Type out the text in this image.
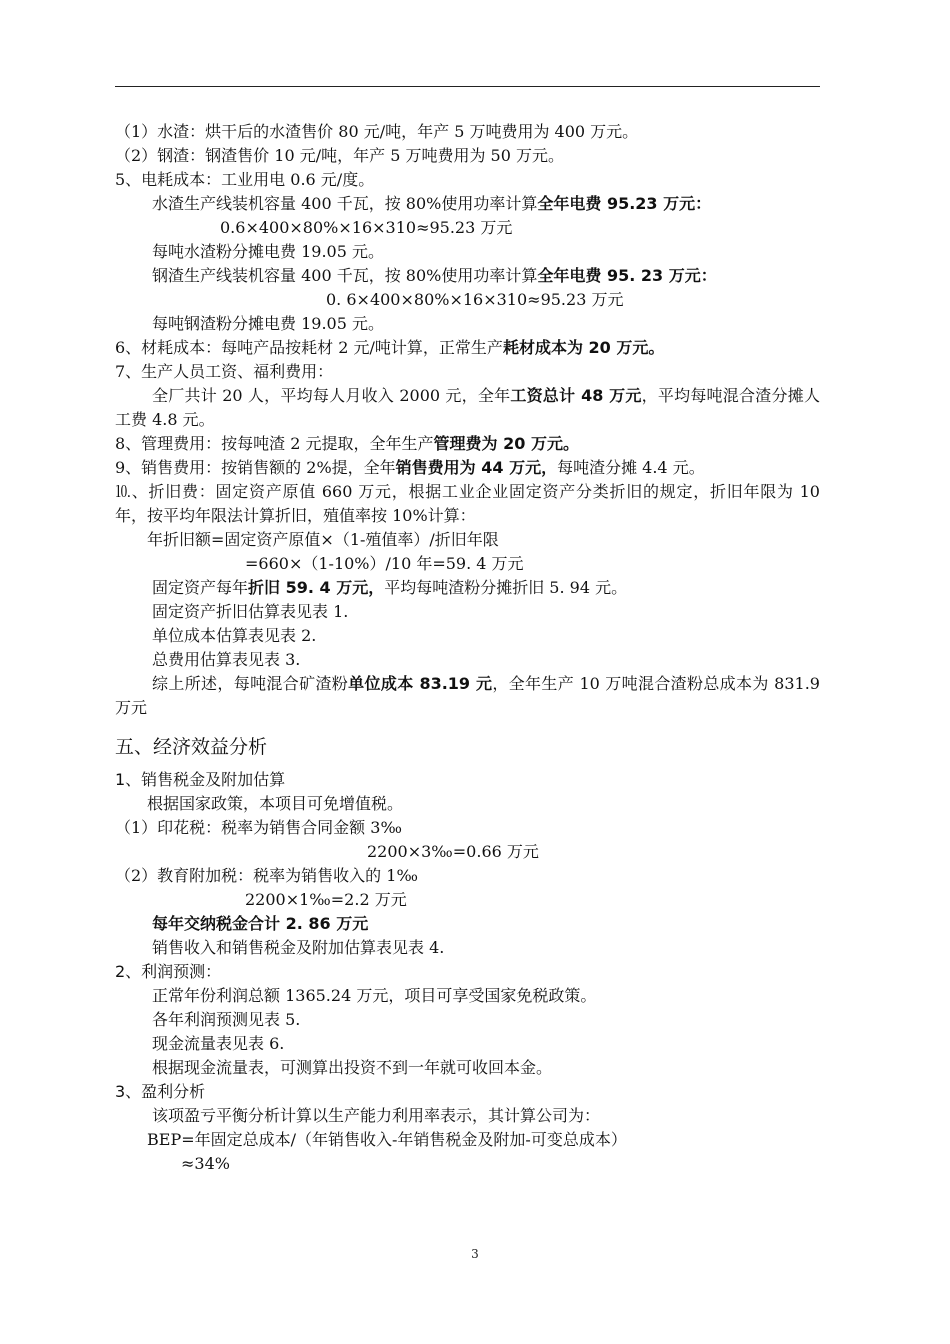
（1）水渣：烘干后的水渣售价 80 元/吨，年产 5 万吨费用为 400 万元。
（2）钢渣：钢渣售价 10 元/吨，年产 5 万吨费用为 50 万元。
5、电耗成本：工业用电 0.6 元/度。
水渣生产线装机容量 400 千瓦，按 80%使用功率计算全年电费 95.23 万元：
0.6×400×80%×16×310≈95.23 万元
每吨水渣粉分摊电费 19.05 元。
钢渣生产线装机容量 400 千瓦，按 80%使用功率计算全年电费 95. 23 万元：
0. 6×400×80%×16×310≈95.23 万元
每吨钢渣粉分摊电费 19.05 元。
6、材耗成本：每吨产品按耗材 2 元/吨计算，正常生产耗材成本为 20 万元。
7、生产人员工资、福利费用：
全厂共计 20 人，平均每人月收入 2000 元，全年工资总计 48 万元，平均每吨混合渣分摊人工费 4.8 元。
8、管理费用：按每吨渣 2 元提取，全年生产管理费为 20 万元。
9、销售费用：按销售额的 2%提，全年销售费用为 44 万元，每吨渣分摊 4.4 元。
⒑、折旧费：固定资产原值 660 万元，根据工业企业固定资产分类折旧的规定，折旧年限为 10 年，按平均年限法计算折旧，殖值率按 10%计算：
年折旧额=固定资产原值×（1-殖值率）/折旧年限
=660×（1-10%）/10 年=59. 4 万元
固定资产每年折旧 59. 4 万元，平均每吨渣粉分摊折旧 5. 94 元。
固定资产折旧估算表见表 1.
单位成本估算表见表 2.
总费用估算表见表 3.
综上所述，每吨混合矿渣粉单位成本 83.19 元，全年生产 10 万吨混合渣粉总成本为 831.9 万元
五、经济效益分析
1、销售税金及附加估算
根据国家政策，本项目可免增值税。
（1）印花税：税率为销售合同金额 3‰
2200×3‰=0.66 万元
（2）教育附加税：税率为销售收入的 1‰
2200×1‰=2.2 万元
每年交纳税金合计 2. 86 万元
销售收入和销售税金及附加估算表见表 4.
2、利润预测：
正常年份利润总额 1365.24 万元，项目可享受国家免税政策。
各年利润预测见表 5.
现金流量表见表 6.
根据现金流量表，可测算出投资不到一年就可收回本金。
3、盈利分析
该项盈亏平衡分析计算以生产能力利用率表示，其计算公司为：
BEP=年固定总成本/（年销售收入-年销售税金及附加-可变总成本）
≈34%
3
